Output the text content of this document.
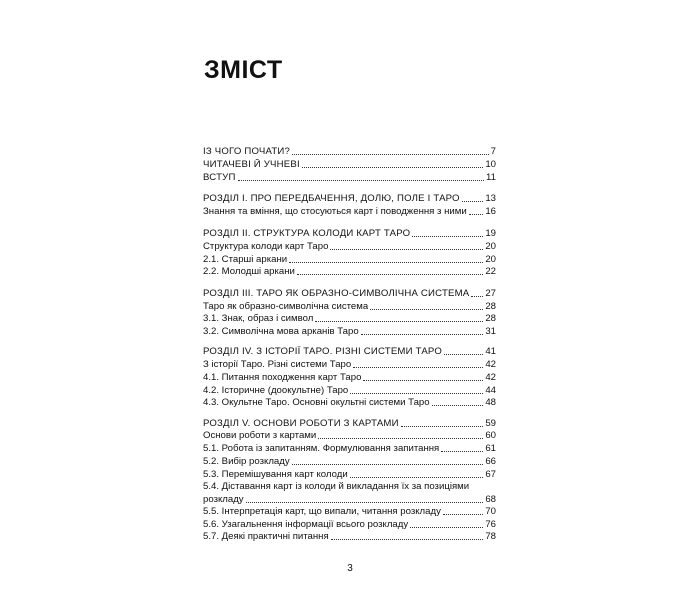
ЗМІСТ
ІЗ ЧОГО ПОЧАТИ?	7
ЧИТАЧЕВІ Й УЧНЕВІ	10
ВСТУП	11
РОЗДІЛ I. ПРО ПЕРЕДБАЧЕННЯ, ДОЛЮ, ПОЛЕ І ТАРО	13
Знання та вміння, що стосуються карт і поводження з ними 16
РОЗДІЛ II. СТРУКТУРА КОЛОДИ КАРТ ТАРО	19
Структура колоди карт Таро	20
2.1. Старші аркани	20
2.2. Молодші аркани	22
РОЗДІЛ III. ТАРО ЯК ОБРАЗНО-СИМВОЛІЧНА СИСТЕМА 27
Таро як образно-символічна система	28
3.1. Знак, образ і символ	28
3.2. Символічна мова арканів Таро	31
РОЗДІЛ IV. З ІСТОРІЇ ТАРО. РІЗНІ СИСТЕМИ ТАРО	41
З історії Таро. Різні системи Таро	42
4.1. Питання походження карт Таро	42
4.2. Історичне (доокультне) Таро	44
4.3. Окультне Таро. Основні окультні системи Таро	48
РОЗДІЛ V. ОСНОВИ РОБОТИ З КАРТАМИ	59
Основи роботи з картами	60
5.1. Робота із запитанням. Формулювання запитання	61
5.2. Вибір розкладу	66
5.3. Перемішування карт колоди	67
5.4. Діставання карт із колоди й викладання їх за позиціями
розкладу	68
5.5. Інтерпретація карт, що випали, читання розкладу	70
5.6. Узагальнення інформації всього розкладу	76
5.7. Деякі практичні питання	78
3
